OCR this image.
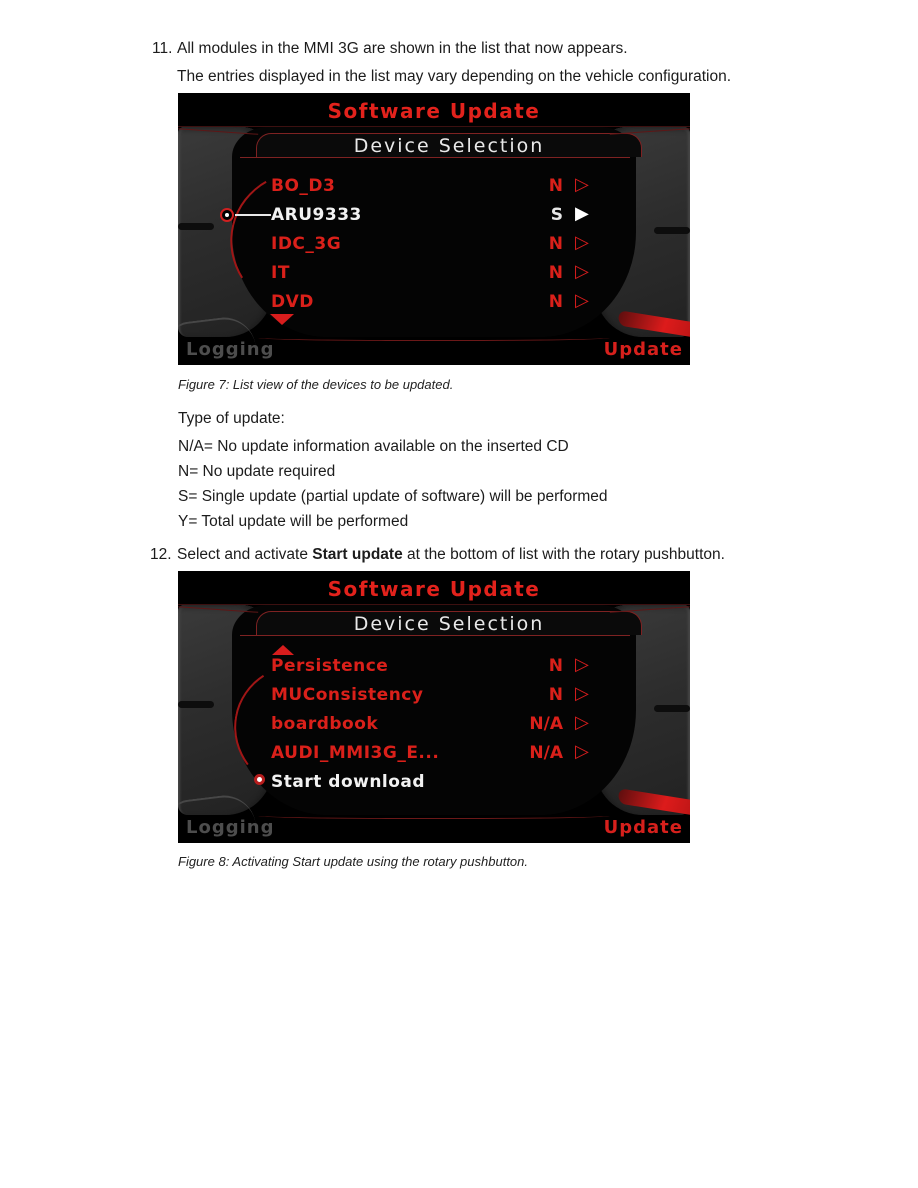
11. All modules in the MMI 3G are shown in the list that now appears.
The entries displayed in the list may vary depending on the vehicle configuration.
Software Update
Device Selection
Logging	Update
BO_D3	N ▷
ARU9333	S ▶
IDC_3G	N ▷
IT	N ▷
DVD	N ▷
Figure 7: List view of the devices to be updated.
Type of update:
N/A= No update information available on the inserted CD
N= No update required
S= Single update (partial update of software) will be performed
Y= Total update will be performed
12. Select and activate Start update at the bottom of list with the rotary pushbutton.
Software Update
Device Selection
Logging	Update
Persistence	N ▷
MUConsistency	N ▷
boardbook	N/A ▷
AUDI_MMI3G_E...	N/A ▷
Start download
Figure 8: Activating Start update using the rotary pushbutton.
